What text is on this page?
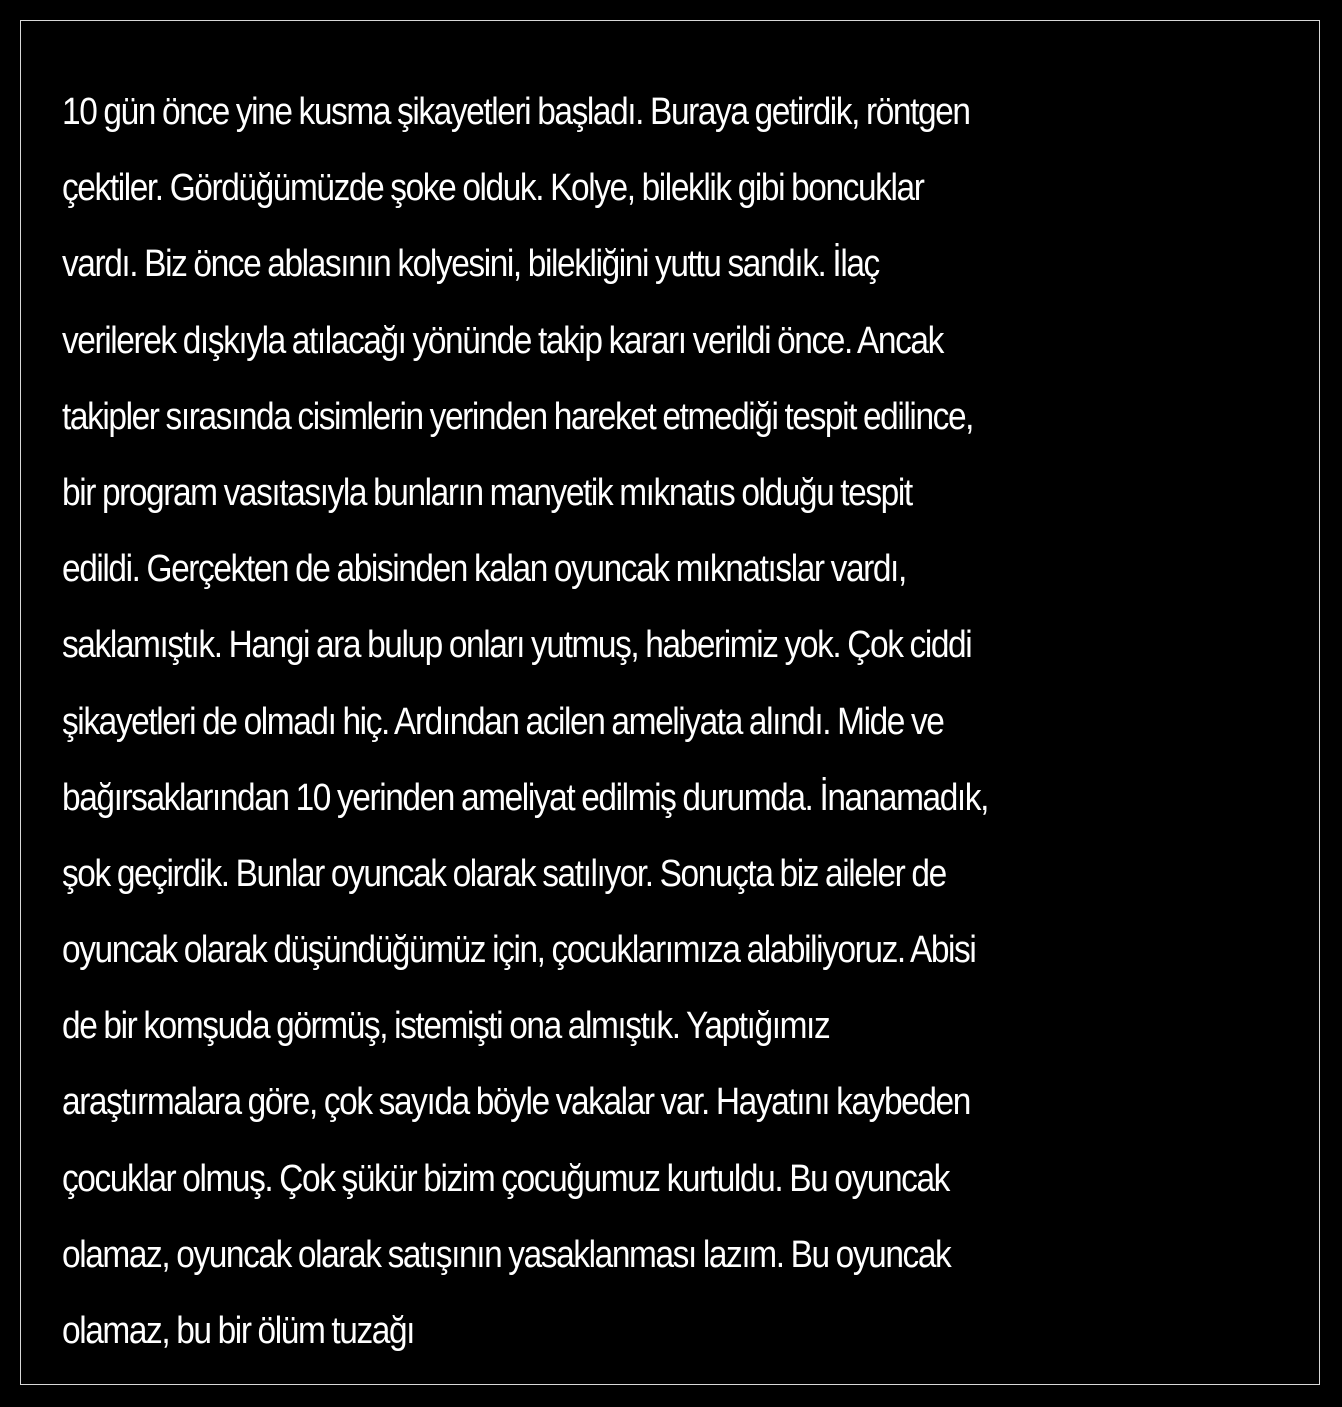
10 gün önce yine kusma şikayetleri başladı. Buraya getirdik, röntgen
çektiler. Gördüğümüzde şoke olduk. Kolye, bileklik gibi boncuklar
vardı. Biz önce ablasının kolyesini, bilekliğini yuttu sandık. İlaç
verilerek dışkıyla atılacağı yönünde takip kararı verildi önce. Ancak
takipler sırasında cisimlerin yerinden hareket etmediği tespit edilince,
bir program vasıtasıyla bunların manyetik mıknatıs olduğu tespit
edildi. Gerçekten de abisinden kalan oyuncak mıknatıslar vardı,
saklamıştık. Hangi ara bulup onları yutmuş, haberimiz yok. Çok ciddi
şikayetleri de olmadı hiç. Ardından acilen ameliyata alındı. Mide ve
bağırsaklarından 10 yerinden ameliyat edilmiş durumda. İnanamadık,
şok geçirdik. Bunlar oyuncak olarak satılıyor. Sonuçta biz aileler de
oyuncak olarak düşündüğümüz için, çocuklarımıza alabiliyoruz. Abisi
de bir komşuda görmüş, istemişti ona almıştık. Yaptığımız
araştırmalara göre, çok sayıda böyle vakalar var. Hayatını kaybeden
çocuklar olmuş. Çok şükür bizim çocuğumuz kurtuldu. Bu oyuncak
olamaz, oyuncak olarak satışının yasaklanması lazım. Bu oyuncak
olamaz, bu bir ölüm tuzağı
